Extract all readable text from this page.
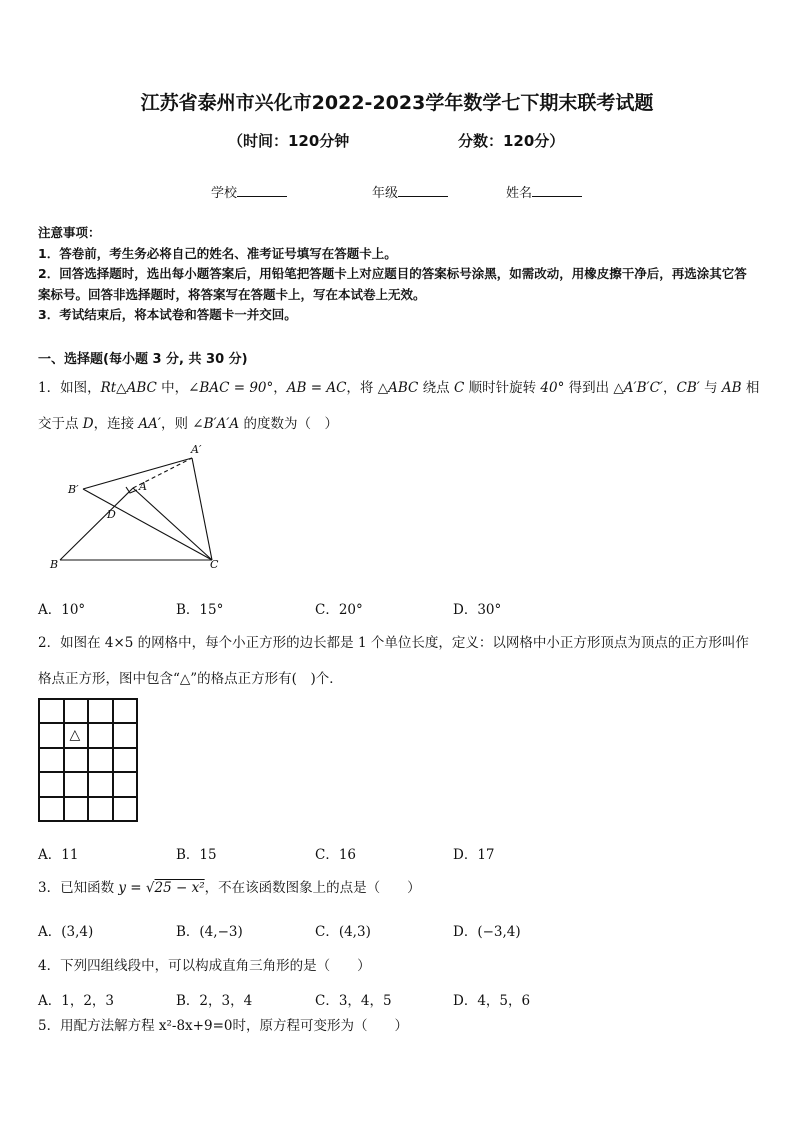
江苏省泰州市兴化市2022-2023学年数学七下期末联考试题
（时间：120分钟	分数：120分）
学校	年级	姓名

注意事项：

1．答卷前，考生务必将自己的姓名、准考证号填写在答题卡上。

2．回答选择题时，选出每小题答案后，用铅笔把答题卡上对应题目的答案标号涂黑，如需改动，用橡皮擦干净后，再选涂其它答案标号。回答非选择题时，将答案写在答题卡上，写在本试卷上无效。

3．考试结束后，将本试卷和答题卡一并交回。

一、选择题(每小题 3 分, 共 30 分)
1．如图，Rt△ABC 中，∠BAC = 90°，AB = AC，将 △ABC 绕点 C 顺时针旋转 40° 得到出 △A′B′C′，CB′ 与 AB 相交于点 D，连接 AA′，则 ∠B′A′A 的度数为（　）
A′
A
B′
D
B	C
A．10°	B．15°	C．20°	D．30°
2．如图在 4×5 的网格中，每个小正方形的边长都是 1 个单位长度，定义：以网格中小正方形顶点为顶点的正方形叫作格点正方形，图中包含“△”的格点正方形有(　)个．
△
A．11	B．15	C．16	D．17
3．已知函数 y = √25 − x²，不在该函数图象上的点是（　　）
A．(3,4)	B．(4,−3)	C．(4,3)	D．(−3,4)
4．下列四组线段中，可以构成直角三角形的是（　　）
A．1，2，3	B．2，3，4	C．3，4，5	D．4，5，6
5．用配方法解方程 x²-8x+9=0时，原方程可变形为（　　）
